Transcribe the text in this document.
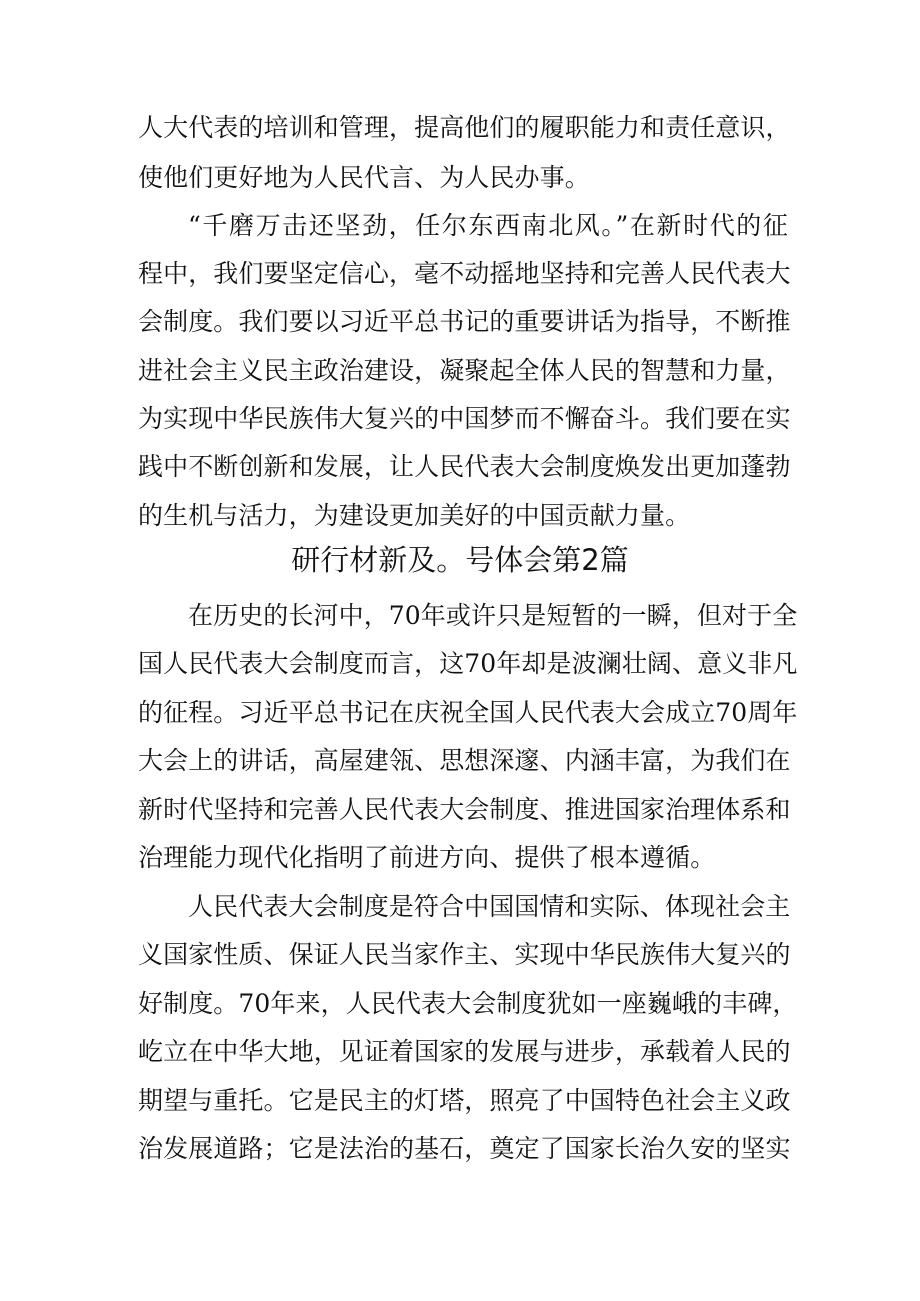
人大代表的培训和管理，提高他们的履职能力和责任意识，
使他们更好地为人民代言、为人民办事。
“千磨万击还坚劲，任尔东西南北风。”在新时代的征
程中，我们要坚定信心，毫不动摇地坚持和完善人民代表大
会制度。我们要以习近平总书记的重要讲话为指导，不断推
进社会主义民主政治建设，凝聚起全体人民的智慧和力量，
为实现中华民族伟大复兴的中国梦而不懈奋斗。我们要在实
践中不断创新和发展，让人民代表大会制度焕发出更加蓬勃
的生机与活力，为建设更加美好的中国贡献力量。
研行材新及。号体会第2篇
在历史的长河中，70年或许只是短暂的一瞬，但对于全
国人民代表大会制度而言，这70年却是波澜壮阔、意义非凡
的征程。习近平总书记在庆祝全国人民代表大会成立70周年
大会上的讲话，高屋建瓴、思想深邃、内涵丰富，为我们在
新时代坚持和完善人民代表大会制度、推进国家治理体系和
治理能力现代化指明了前进方向、提供了根本遵循。
人民代表大会制度是符合中国国情和实际、体现社会主
义国家性质、保证人民当家作主、实现中华民族伟大复兴的
好制度。70年来，人民代表大会制度犹如一座巍峨的丰碑，
屹立在中华大地，见证着国家的发展与进步，承载着人民的
期望与重托。它是民主的灯塔，照亮了中国特色社会主义政
治发展道路；它是法治的基石，奠定了国家长治久安的坚实
